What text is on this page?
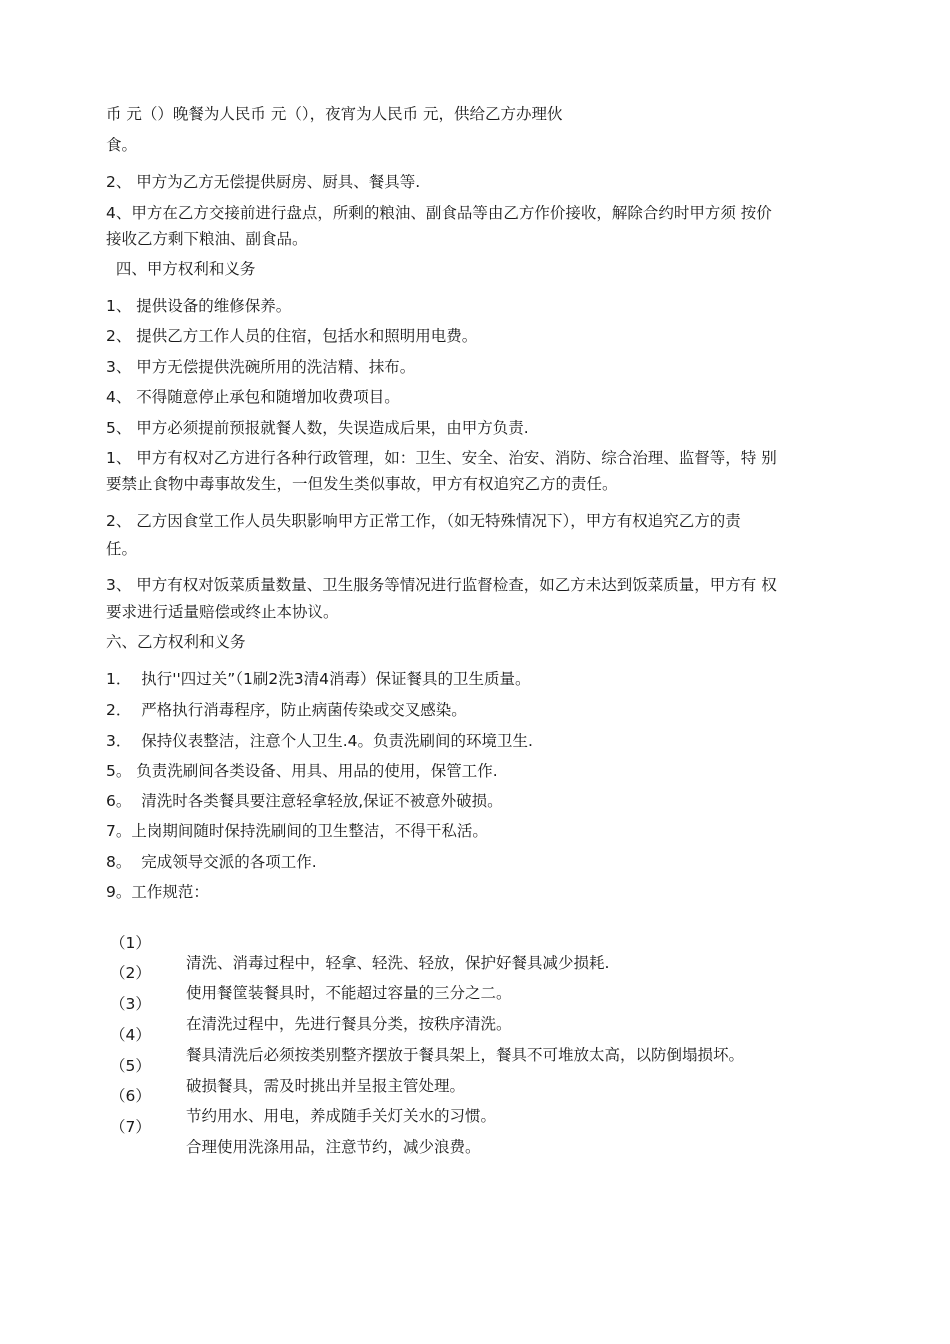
币 元（）晚餐为人民币 元（），夜宵为人民币 元，供给乙方办理伙
食。
2、 甲方为乙方无偿提供厨房、厨具、餐具等.
4、甲方在乙方交接前进行盘点，所剩的粮油、副食品等由乙方作价接收，解除合约时甲方须 按价
接收乙方剩下粮油、副食品。
四、甲方权利和义务
1、 提供设备的维修保养。
2、 提供乙方工作人员的住宿，包括水和照明用电费。
3、 甲方无偿提供洗碗所用的洗洁精、抹布。
4、 不得随意停止承包和随增加收费项目。
5、 甲方必须提前预报就餐人数，失误造成后果，由甲方负责.
1、 甲方有权对乙方进行各种行政管理，如：卫生、安全、治安、消防、综合治理、监督等，特 别
要禁止食物中毒事故发生，一但发生类似事故，甲方有权追究乙方的责任。
2、 乙方因食堂工作人员失职影响甲方正常工作，（如无特殊情况下），甲方有权追究乙方的责
任。
3、 甲方有权对饭菜质量数量、卫生服务等情况进行监督检查，如乙方未达到饭菜质量，甲方有 权
要求进行适量赔偿或终止本协议。
六、乙方权利和义务
1．  执行''四过关”（1刷2洗3清4消毒）保证餐具的卫生质量。
2．  严格执行消毒程序，防止病菌传染或交叉感染。
3．  保持仪表整洁，注意个人卫生.4。负责洗刷间的环境卫生.
5。 负责洗刷间各类设备、用具、用品的使用，保管工作.
6。  清洗时各类餐具要注意轻拿轻放,保证不被意外破损。
7。上岗期间随时保持洗刷间的卫生整洁，不得干私活。
8。  完成领导交派的各项工作.
9。工作规范：

（1）

清洗、消毒过程中，轻拿、轻洗、轻放，保护好餐具减少损耗.

（2）

使用餐筐装餐具时，不能超过容量的三分之二。

（3）

在清洗过程中，先进行餐具分类，按秩序清洗。

（4）

餐具清洗后必须按类别整齐摆放于餐具架上，餐具不可堆放太高，以防倒塌损坏。

（5）

破损餐具，需及时挑出并呈报主管处理。

（6）

节约用水、用电，养成随手关灯关水的习惯。

（7）

合理使用洗涤用品，注意节约，减少浪费。
